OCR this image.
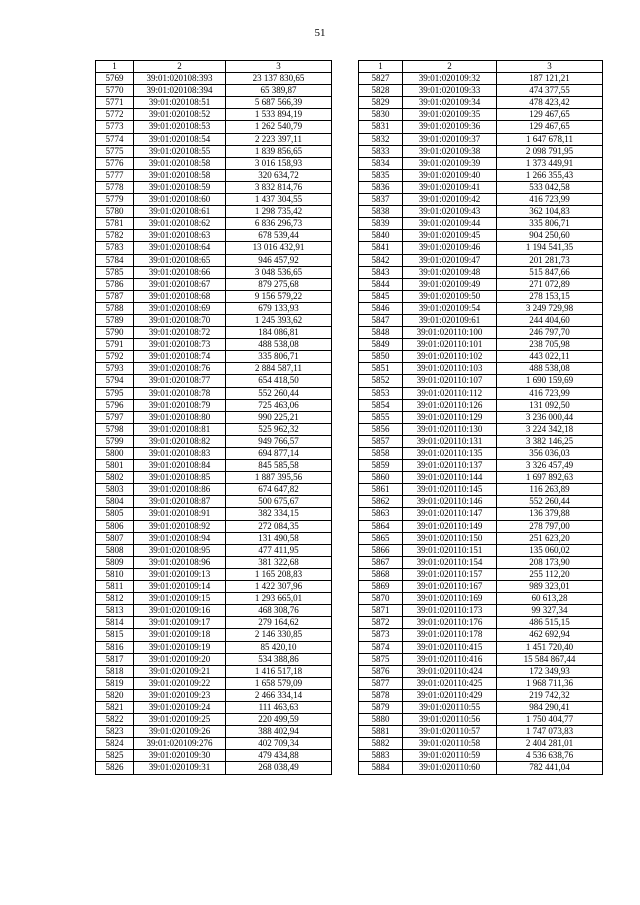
51
1	2	3
5769	39:01:020108:393	23 137 830,65
5770	39:01:020108:394	65 389,87
5771	39:01:020108:51	5 687 566,39
5772	39:01:020108:52	1 533 894,19
5773	39:01:020108:53	1 262 540,79
5774	39:01:020108:54	2 223 397,11
5775	39:01:020108:55	1 839 856,65
5776	39:01:020108:58	3 016 158,93
5777	39:01:020108:58	320 634,72
5778	39:01:020108:59	3 832 814,76
5779	39:01:020108:60	1 437 304,55
5780	39:01:020108:61	1 298 735,42
5781	39:01:020108:62	6 836 296,73
5782	39:01:020108:63	678 539,44
5783	39:01:020108:64	13 016 432,91
5784	39:01:020108:65	946 457,92
5785	39:01:020108:66	3 048 536,65
5786	39:01:020108:67	879 275,68
5787	39:01:020108:68	9 156 579,22
5788	39:01:020108:69	679 133,93
5789	39:01:020108:70	1 245 393,62
5790	39:01:020108:72	184 086,81
5791	39:01:020108:73	488 538,08
5792	39:01:020108:74	335 806,71
5793	39:01:020108:76	2 884 587,11
5794	39:01:020108:77	654 418,50
5795	39:01:020108:78	552 260,44
5796	39:01:020108:79	725 463,06
5797	39:01:020108:80	990 225,21
5798	39:01:020108:81	525 962,32
5799	39:01:020108:82	949 766,57
5800	39:01:020108:83	694 877,14
5801	39:01:020108:84	845 585,58
5802	39:01:020108:85	1 887 395,56
5803	39:01:020108:86	674 647,82
5804	39:01:020108:87	500 675,67
5805	39:01:020108:91	382 334,15
5806	39:01:020108:92	272 084,35
5807	39:01:020108:94	131 490,58
5808	39:01:020108:95	477 411,95
5809	39:01:020108:96	381 322,68
5810	39:01:020109:13	1 165 208,83
5811	39:01:020109:14	1 422 307,96
5812	39:01:020109:15	1 293 665,01
5813	39:01:020109:16	468 308,76
5814	39:01:020109:17	279 164,62
5815	39:01:020109:18	2 146 330,85
5816	39:01:020109:19	85 420,10
5817	39:01:020109:20	534 388,86
5818	39:01:020109:21	1 416 517,18
5819	39:01:020109:22	1 658 579,09
5820	39:01:020109:23	2 466 334,14
5821	39:01:020109:24	111 463,63
5822	39:01:020109:25	220 499,59
5823	39:01:020109:26	388 402,94
5824	39:01:020109:276	402 709,34
5825	39:01:020109:30	479 434,88
5826	39:01:020109:31	268 038,49
1	2	3
5827	39:01:020109:32	187 121,21
5828	39:01:020109:33	474 377,55
5829	39:01:020109:34	478 423,42
5830	39:01:020109:35	129 467,65
5831	39:01:020109:36	129 467,65
5832	39:01:020109:37	1 647 678,11
5833	39:01:020109:38	2 098 791,95
5834	39:01:020109:39	1 373 449,91
5835	39:01:020109:40	1 266 355,43
5836	39:01:020109:41	533 042,58
5837	39:01:020109:42	416 723,99
5838	39:01:020109:43	362 104,83
5839	39:01:020109:44	335 806,71
5840	39:01:020109:45	904 250,60
5841	39:01:020109:46	1 194 541,35
5842	39:01:020109:47	201 281,73
5843	39:01:020109:48	515 847,66
5844	39:01:020109:49	271 072,89
5845	39:01:020109:50	278 153,15
5846	39:01:020109:54	3 249 729,98
5847	39:01:020109:61	244 404,60
5848	39:01:020110:100	246 797,70
5849	39:01:020110:101	238 705,98
5850	39:01:020110:102	443 022,11
5851	39:01:020110:103	488 538,08
5852	39:01:020110:107	1 690 159,69
5853	39:01:020110:112	416 723,99
5854	39:01:020110:126	131 092,50
5855	39:01:020110:129	3 236 000,44
5856	39:01:020110:130	3 224 342,18
5857	39:01:020110:131	3 382 146,25
5858	39:01:020110:135	356 036,03
5859	39:01:020110:137	3 326 457,49
5860	39:01:020110:144	1 697 892,63
5861	39:01:020110:145	116 263,89
5862	39:01:020110:146	552 260,44
5863	39:01:020110:147	136 379,88
5864	39:01:020110:149	278 797,00
5865	39:01:020110:150	251 623,20
5866	39:01:020110:151	135 060,02
5867	39:01:020110:154	208 173,90
5868	39:01:020110:157	255 112,20
5869	39:01:020110:167	989 323,01
5870	39:01:020110:169	60 613,28
5871	39:01:020110:173	99 327,34
5872	39:01:020110:176	486 515,15
5873	39:01:020110:178	462 692,94
5874	39:01:020110:415	1 451 720,40
5875	39:01:020110:416	15 584 867,44
5876	39:01:020110:424	172 349,93
5877	39:01:020110:425	1 968 711,36
5878	39:01:020110:429	219 742,32
5879	39:01:020110:55	984 290,41
5880	39:01:020110:56	1 750 404,77
5881	39:01:020110:57	1 747 073,83
5882	39:01:020110:58	2 404 281,01
5883	39:01:020110:59	4 536 638,76
5884	39:01:020110:60	782 441,04
